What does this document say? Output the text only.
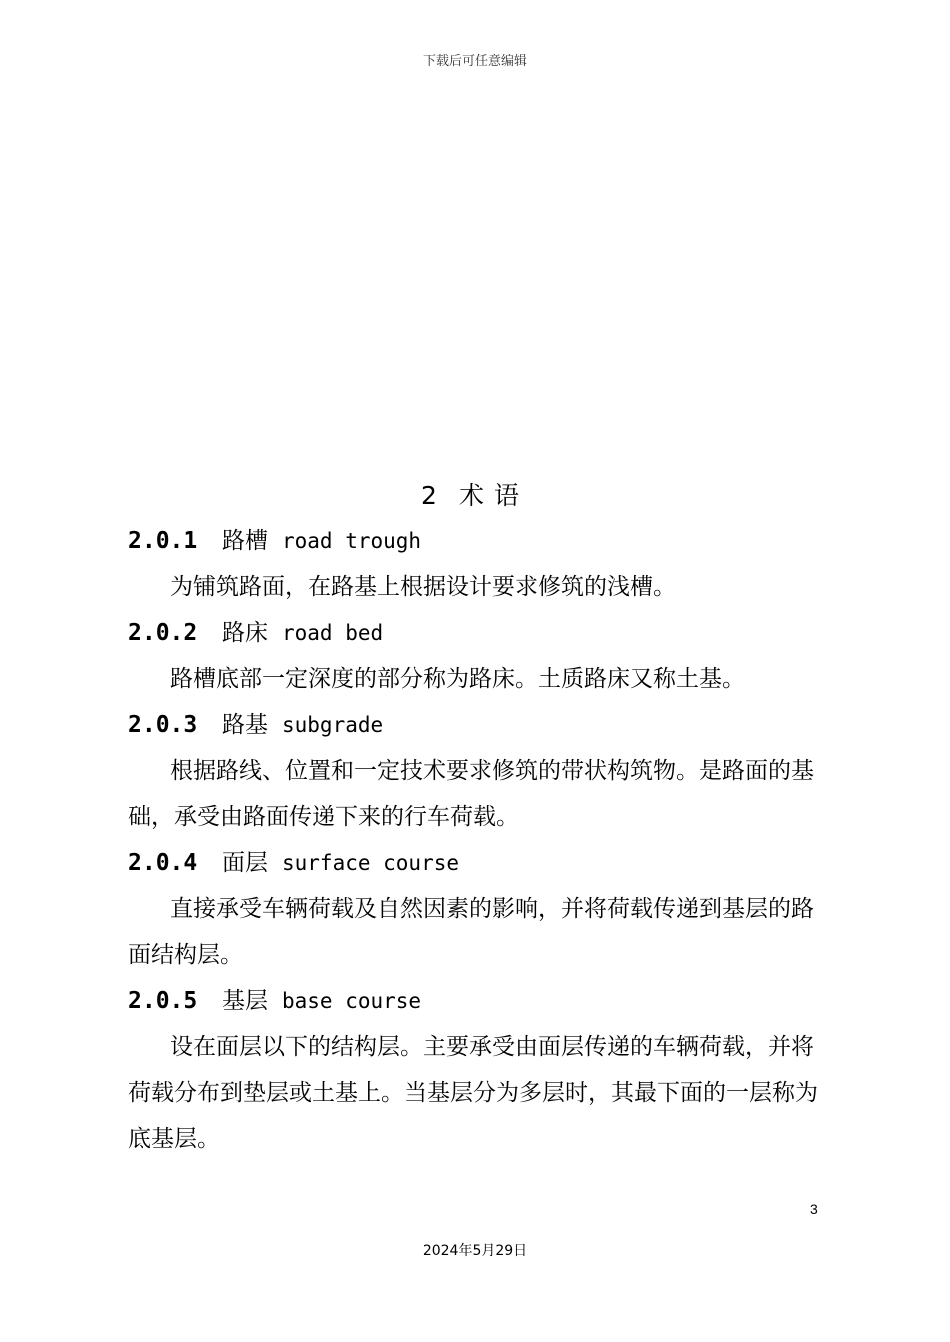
下载后可任意编辑
2 术语
2.0.1 路槽 road trough

为铺筑路面，在路基上根据设计要求修筑的浅槽。

2.0.2 路床 road bed

路槽底部一定深度的部分称为路床。土质路床又称土基。

2.0.3 路基 subgrade

根据路线、位置和一定技术要求修筑的带状构筑物。是路面的基础，承受由路面传递下来的行车荷载。

2.0.4 面层 surface course

直接承受车辆荷载及自然因素的影响，并将荷载传递到基层的路面结构层。

2.0.5 基层 base course

设在面层以下的结构层。主要承受由面层传递的车辆荷载，并将荷载分布到垫层或土基上。当基层分为多层时，其最下面的一层称为底基层。

3
2024年5月29日
